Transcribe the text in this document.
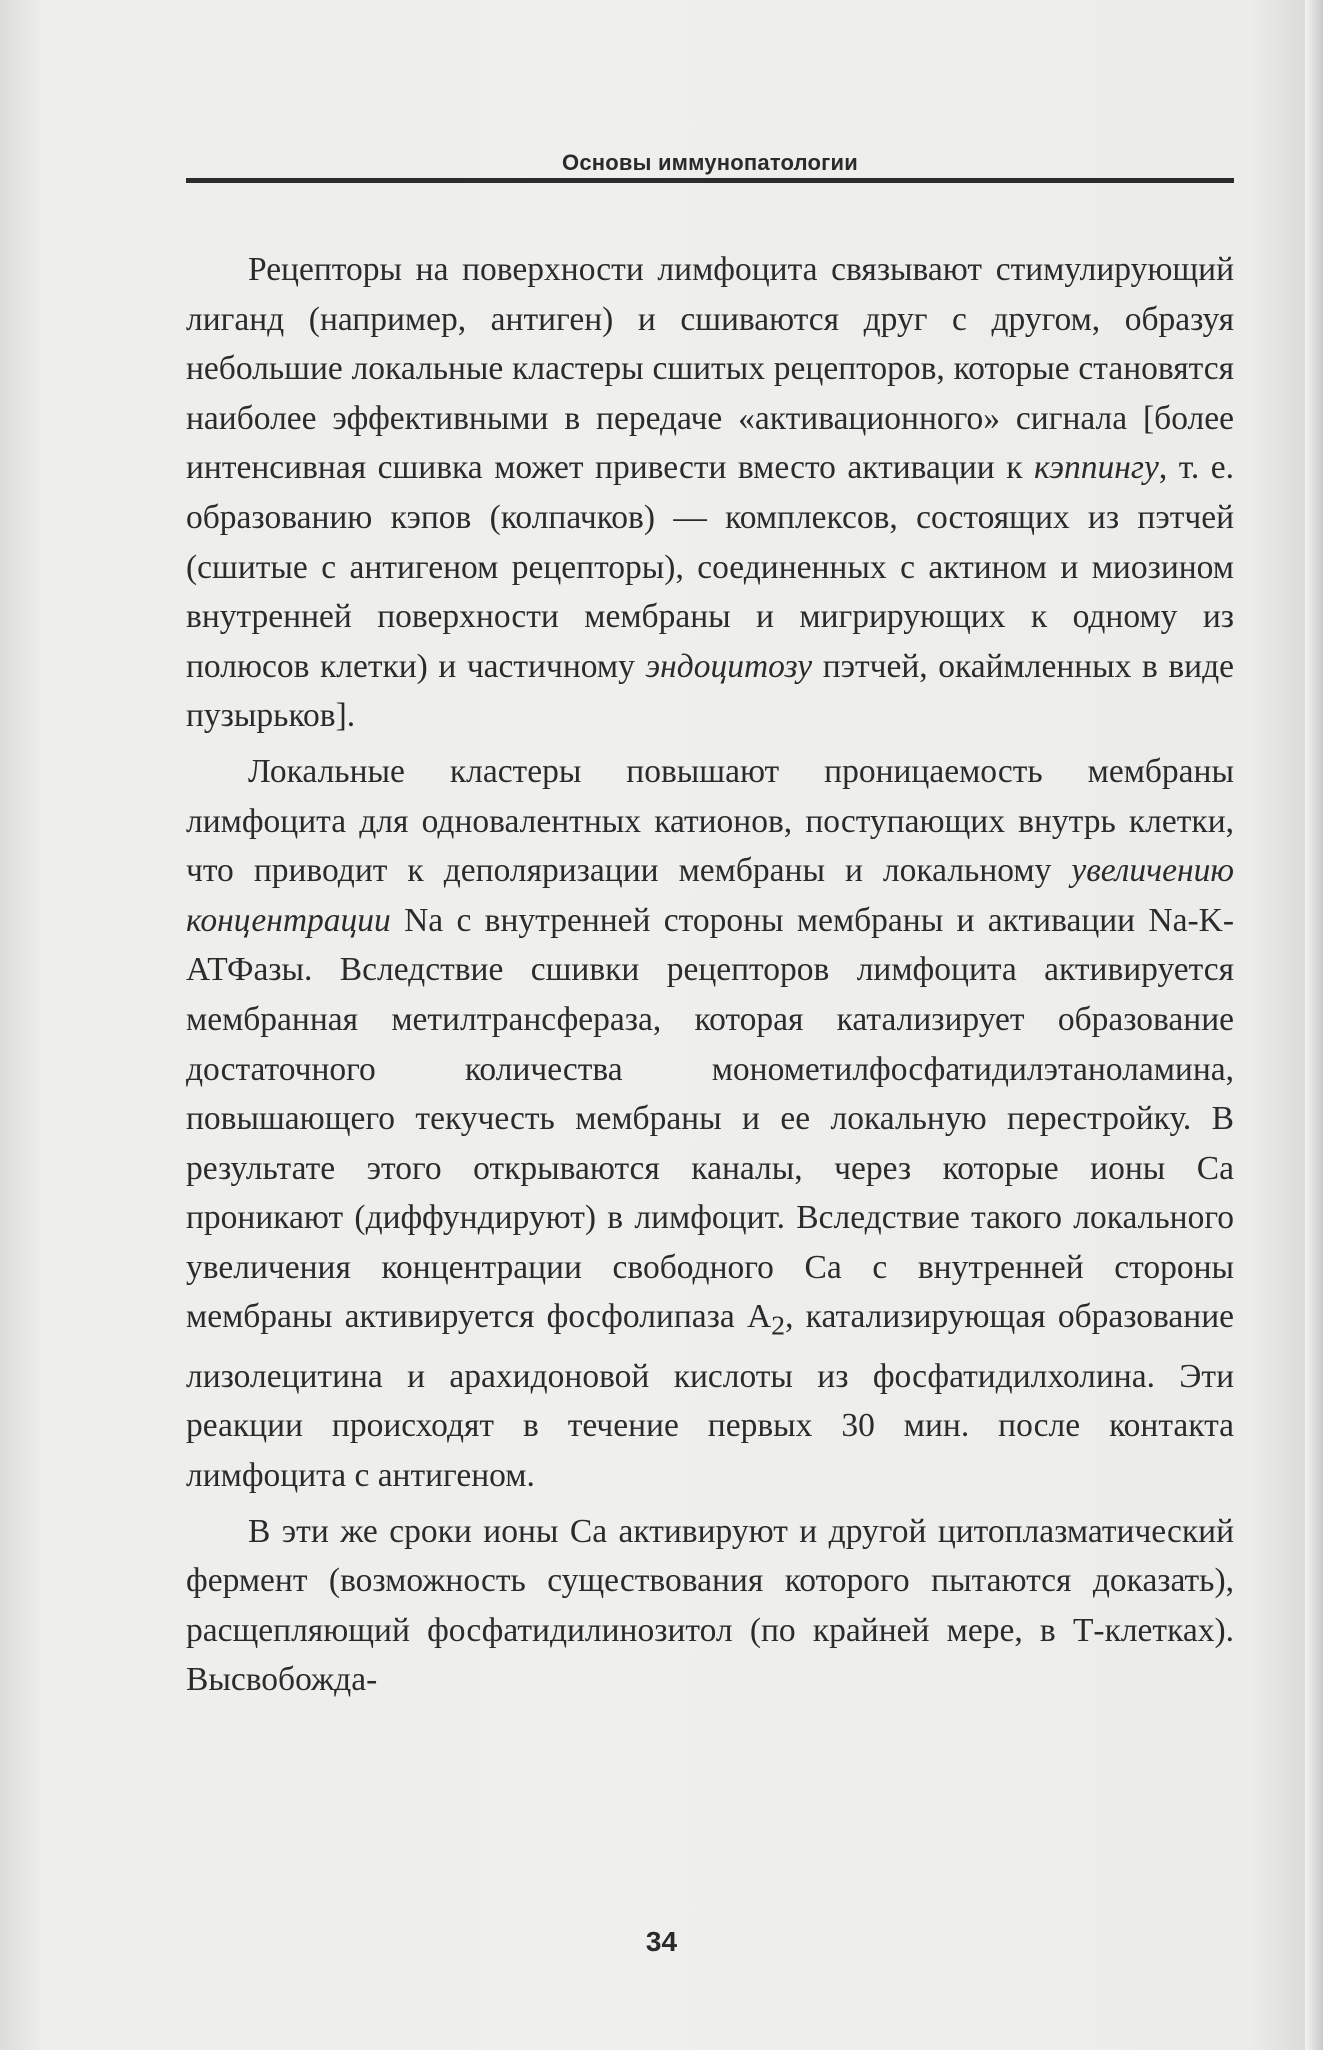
Основы иммунопатологии

Рецепторы на поверхности лимфоцита связывают стимулирующий лиганд (например, антиген) и сшиваются друг с другом, образуя небольшие локальные кластеры сшитых рецепторов, которые становятся наиболее эффективными в передаче «активационного» сигнала [более интенсивная сшивка может привести вместо активации к кэппингу, т. е. образованию кэпов (колпачков) — комплексов, состоящих из пэтчей (сшитые с антигеном рецепторы), соединенных с актином и миозином внутренней поверхности мембраны и мигрирующих к одному из полюсов клетки) и частичному эндоцитозу пэтчей, окаймленных в виде пузырьков].

Локальные кластеры повышают проницаемость мембраны лимфоцита для одновалентных катионов, поступающих внутрь клетки, что приводит к деполяризации мембраны и локальному увеличению концентрации Na с внутренней стороны мембраны и активации Na-K-АТФазы. Вследствие сшивки рецепторов лимфоцита активируется мембранная метилтрансфераза, которая катализирует образование достаточного количества монометилфосфатидилэтаноламина, повышающего текучесть мембраны и ее локальную перестройку. В результате этого открываются каналы, через которые ионы Са проникают (диффундируют) в лимфоцит. Вследствие такого локального увеличения концентрации свободного Са с внутренней стороны мембраны активируется фосфолипаза $А_2$, катализирующая образование лизолецитина и арахидоновой кислоты из фосфатидилхолина. Эти реакции происходят в течение первых 30 мин. после контакта лимфоцита с антигеном.

В эти же сроки ионы Са активируют и другой цитоплазматический фермент (возможность существования которого пытаются доказать), расщепляющий фосфатидилинозитол (по крайней мере, в Т-клетках). Высвобожда-

34
